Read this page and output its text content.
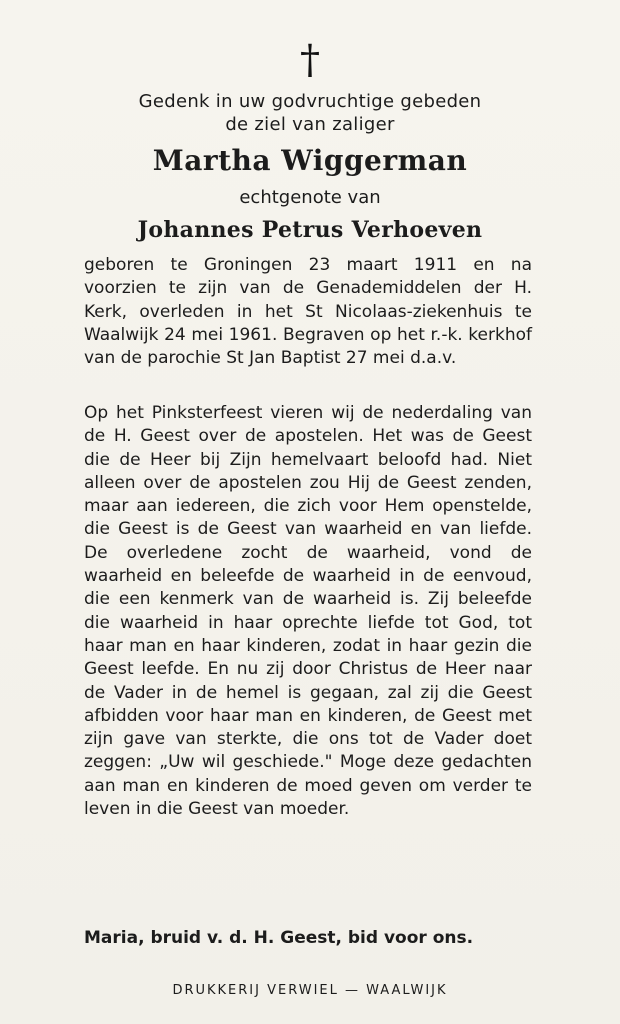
†
Gedenk in uw godvruchtige gebeden
de ziel van zaliger
Martha Wiggerman
echtgenote van
Johannes Petrus Verhoeven
geboren te Groningen 23 maart 1911 en na voorzien te zijn van de Genademiddelen der H. Kerk, overleden in het St Nicolaas-ziekenhuis te Waalwijk 24 mei 1961. Begraven op het r.-k. kerkhof van de parochie St Jan Baptist 27 mei d.a.v.
Op het Pinksterfeest vieren wij de nederdaling van de H. Geest over de apostelen. Het was de Geest die de Heer bij Zijn hemelvaart beloofd had. Niet alleen over de apostelen zou Hij de Geest zenden, maar aan iedereen, die zich voor Hem openstelde, die Geest is de Geest van waarheid en van liefde. De overledene zocht de waarheid, vond de waarheid en beleefde de waarheid in de eenvoud, die een kenmerk van de waarheid is. Zij beleefde die waarheid in haar oprechte liefde tot God, tot haar man en haar kinderen, zodat in haar gezin die Geest leefde. En nu zij door Christus de Heer naar de Vader in de hemel is gegaan, zal zij die Geest afbidden voor haar man en kinderen, de Geest met zijn gave van sterkte, die ons tot de Vader doet zeggen: „Uw wil geschiede." Moge deze gedachten aan man en kinderen de moed geven om verder te leven in die Geest van moeder.
Maria, bruid v. d. H. Geest, bid voor ons.
DRUKKERIJ VERWIEL — WAALWIJK
